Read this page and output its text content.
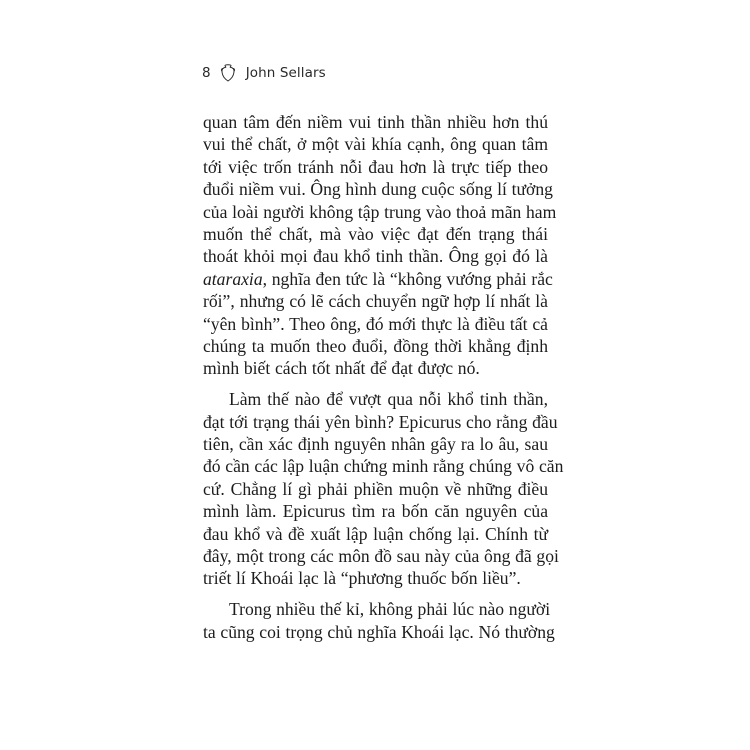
8	John Sellars
quan tâm đến niềm vui tinh thần nhiều hơn thú
vui thể chất, ở một vài khía cạnh, ông quan tâm
tới việc trốn tránh nỗi đau hơn là trực tiếp theo
đuổi niềm vui. Ông hình dung cuộc sống lí tưởng
của loài người không tập trung vào thoả mãn ham
muốn thể chất, mà vào việc đạt đến trạng thái
thoát khỏi mọi đau khổ tinh thần. Ông gọi đó là
ataraxia, nghĩa đen tức là “không vướng phải rắc
rối”, nhưng có lẽ cách chuyển ngữ hợp lí nhất là
“yên bình”. Theo ông, đó mới thực là điều tất cả
chúng ta muốn theo đuổi, đồng thời khẳng định
mình biết cách tốt nhất để đạt được nó.
Làm thế nào để vượt qua nỗi khổ tinh thần,
đạt tới trạng thái yên bình? Epicurus cho rằng đầu
tiên, cần xác định nguyên nhân gây ra lo âu, sau
đó cần các lập luận chứng minh rằng chúng vô căn
cứ. Chẳng lí gì phải phiền muộn về những điều
mình làm. Epicurus tìm ra bốn căn nguyên của
đau khổ và đề xuất lập luận chống lại. Chính từ
đây, một trong các môn đồ sau này của ông đã gọi
triết lí Khoái lạc là “phương thuốc bốn liều”.
Trong nhiều thế kỉ, không phải lúc nào người
ta cũng coi trọng chủ nghĩa Khoái lạc. Nó thường
